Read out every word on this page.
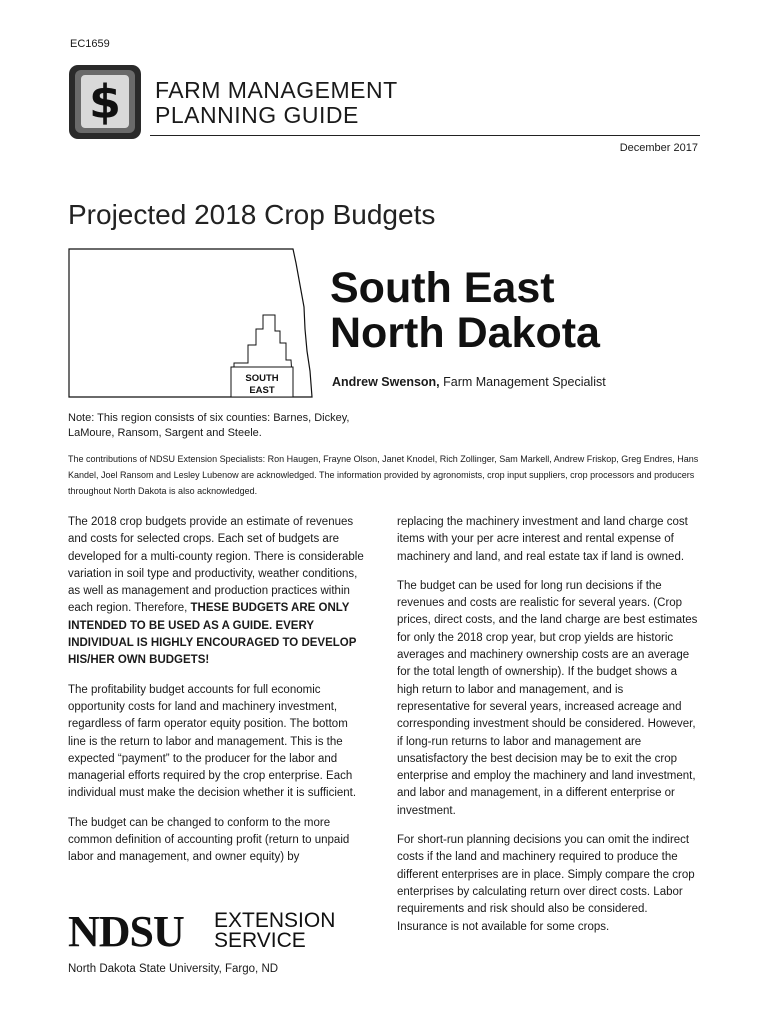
EC1659
$ FARM MANAGEMENT
PLANNING GUIDE
December 2017
Projected 2018 Crop Budgets
SOUTH
EAST
South East
North Dakota
Andrew Swenson, Farm Management Specialist
Note: This region consists of six counties: Barnes, Dickey, LaMoure, Ransom, Sargent and Steele.
The contributions of NDSU Extension Specialists: Ron Haugen, Frayne Olson, Janet Knodel, Rich Zollinger, Sam Markell, Andrew Friskop, Greg Endres, Hans Kandel, Joel Ransom and Lesley Lubenow are acknowledged. The information provided by agronomists, crop input suppliers, crop processors and producers throughout North Dakota is also acknowledged.

The 2018 crop budgets provide an estimate of revenues and costs for selected crops. Each set of budgets are developed for a multi-county region. There is considerable variation in soil type and productivity, weather conditions, as well as management and production practices within each region. Therefore, THESE BUDGETS ARE ONLY INTENDED TO BE USED AS A GUIDE. EVERY INDIVIDUAL IS HIGHLY ENCOURAGED TO DEVELOP HIS/HER OWN BUDGETS!

The profitability budget accounts for full economic opportunity costs for land and machinery investment, regardless of farm operator equity position. The bottom line is the return to labor and management. This is the expected “payment” to the producer for the labor and managerial efforts required by the crop enterprise. Each individual must make the decision whether it is sufficient.

The budget can be changed to conform to the more common definition of accounting profit (return to unpaid labor and management, and owner equity) by

replacing the machinery investment and land charge cost items with your per acre interest and rental expense of machinery and land, and real estate tax if land is owned.

The budget can be used for long run decisions if the revenues and costs are realistic for several years. (Crop prices, direct costs, and the land charge are best estimates for only the 2018 crop year, but crop yields are historic averages and machinery ownership costs are an average for the total length of ownership). If the budget shows a high return to labor and management, and is representative for several years, increased acreage and corresponding investment should be considered. However, if long-run returns to labor and management are unsatisfactory the best decision may be to exit the crop enterprise and employ the machinery and land investment, and labor and management, in a different enterprise or investment.

For short-run planning decisions you can omit the indirect costs if the land and machinery required to produce the different enterprises are in place. Simply compare the crop enterprises by calculating return over direct costs. Labor requirements and risk should also be considered. Insurance is not available for some crops.

NDSU EXTENSION
SERVICE
North Dakota State University, Fargo, ND
